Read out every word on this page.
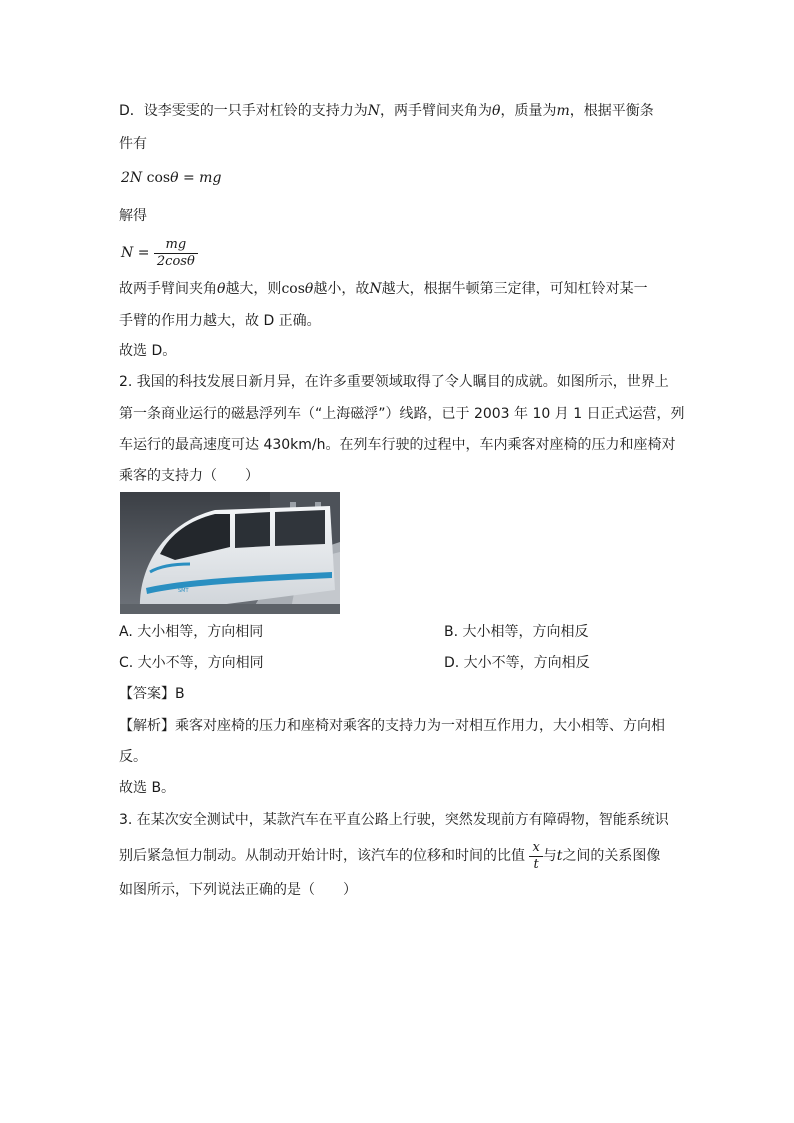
D．设李雯雯的一只手对杠铃的支持力为N，两手臂间夹角为θ，质量为m，根据平衡条
件有
2N cosθ = mg
解得
$N = \frac{mg}{2\cos\theta}$
故两手臂间夹角θ越大，则cosθ越小，故N越大，根据牛顿第三定律，可知杠铃对某一
手臂的作用力越大，故 D 正确。
故选 D。
2. 我国的科技发展日新月异，在许多重要领域取得了令人瞩目的成就。如图所示，世界上
第一条商业运行的磁悬浮列车（“上海磁浮”）线路，已于 2003 年 10 月 1 日正式运营，列
车运行的最高速度可达 430km/h。在列车行驶的过程中，车内乘客对座椅的压力和座椅对
乘客的支持力（　　）
SMT
A. 大小相等，方向相同	B. 大小相等，方向相反
C. 大小不等，方向相同	D. 大小不等，方向相反
【答案】B
【解析】乘客对座椅的压力和座椅对乘客的支持力为一对相互作用力，大小相等、方向相
反。
故选 B。
3. 在某次安全测试中，某款汽车在平直公路上行驶，突然发现前方有障碍物，智能系统识
别后紧急恒力制动。从制动开始计时，该汽车的位移和时间的比值 $\frac{x}{t}$ 与t之间的关系图像
如图所示，下列说法正确的是（　　）
